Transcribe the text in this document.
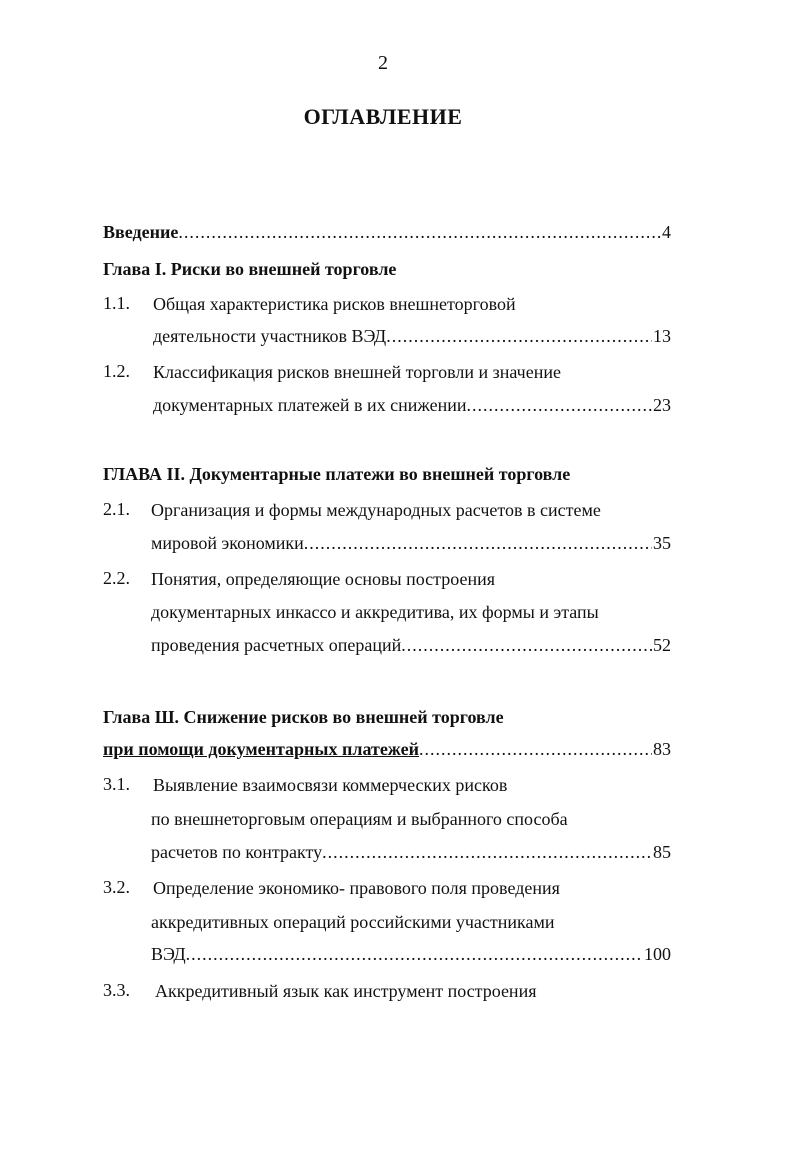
2
ОГЛАВЛЕНИЕ
Введение .....	4
Глава I. Риски во внешней торговле
1.1. Общая характеристика рисков внешнеторговой
деятельности участников ВЭД .....	13
1.2. Классификация рисков внешней торговли и значение
документарных платежей в их снижении .....	23
ГЛАВА II. Документарные платежи во внешней торговле
2.1. Организация и формы международных расчетов в системе
мировой экономики .....	35
2.2. Понятия, определяющие основы построения
документарных инкассо и аккредитива, их формы и этапы
проведения расчетных операций .....	52
Глава Ш. Снижение рисков во внешней торговле
при помощи документарных платежей .....	83
3.1. Выявление взаимосвязи коммерческих рисков
по внешнеторговым операциям и выбранного способа
расчетов по контракту .....	85
3.2. Определение экономико- правового поля проведения
аккредитивных операций российскими участниками
ВЭД .....	100
3.3. Аккредитивный язык как инструмент построения
